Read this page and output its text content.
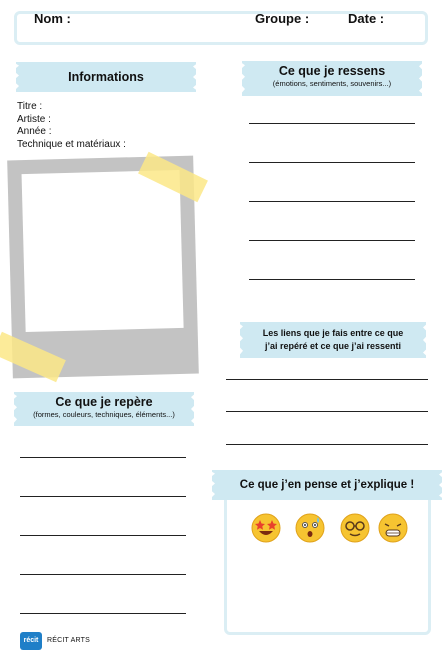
Nom :	Groupe :	Date :
Informations
Titre :
Artiste :
Année :
Technique et matériaux :
Ce que je ressens
(émotions, sentiments, souvenirs...)
Les liens que je fais entre ce que
j’ai repéré et ce que j’ai ressenti
Ce que je repère
(formes, couleurs, techniques, éléments...)
Ce que j’en pense et j’explique !
récit	RÉCIT ARTS
